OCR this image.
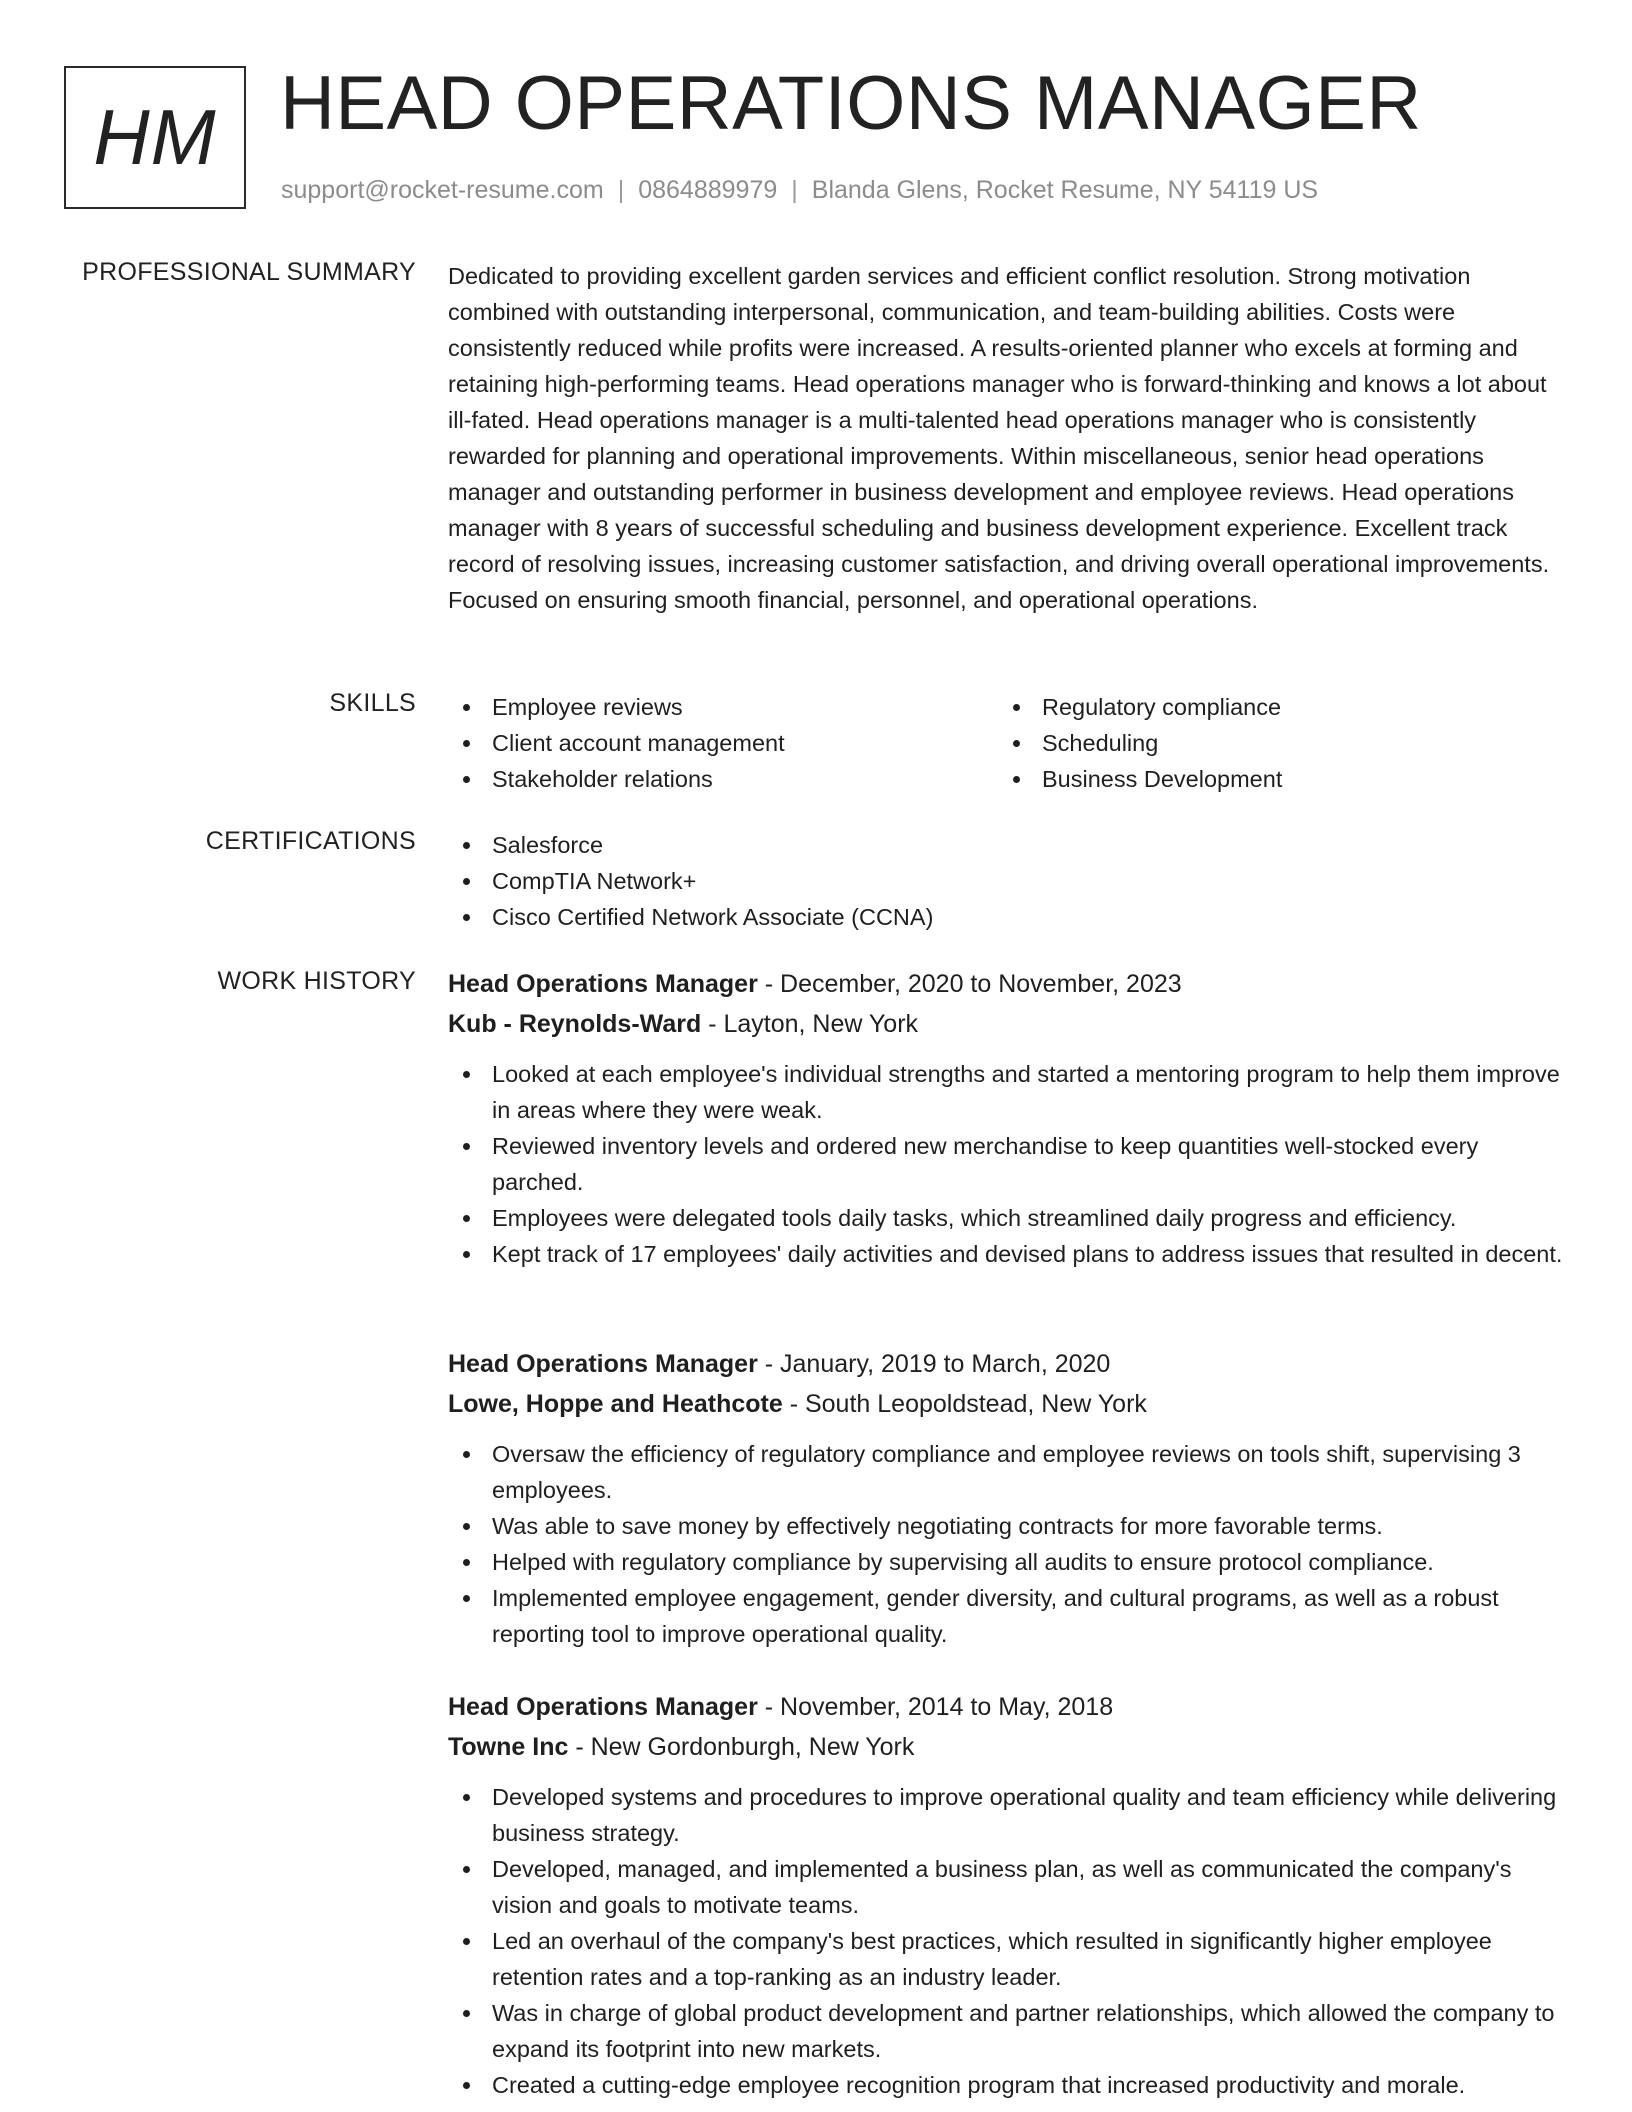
HM HEAD OPERATIONS MANAGER
support@rocket-resume.com | 0864889979 | Blanda Glens, Rocket Resume, NY 54119 US
PROFESSIONAL SUMMARY Dedicated to providing excellent garden services and efficient conflict resolution. Strong motivation combined with outstanding interpersonal, communication, and team-building abilities. Costs were consistently reduced while profits were increased. A results-oriented planner who excels at forming and retaining high-performing teams. Head operations manager who is forward-thinking and knows a lot about ill-fated. Head operations manager is a multi-talented head operations manager who is consistently rewarded for planning and operational improvements. Within miscellaneous, senior head operations manager and outstanding performer in business development and employee reviews. Head operations manager with 8 years of successful scheduling and business development experience. Excellent track record of resolving issues, increasing customer satisfaction, and driving overall operational improvements. Focused on ensuring smooth financial, personnel, and operational operations.
SKILLS	Employee reviews
Client account management
Stakeholder relations
Regulatory compliance
Scheduling
Business Development
CERTIFICATIONS	Salesforce
CompTIA Network+
Cisco Certified Network Associate (CCNA)
WORK HISTORY Head Operations Manager - December, 2020 to November, 2023
Kub - Reynolds-Ward - Layton, New York
Looked at each employee's individual strengths and started a mentoring program to help them improve in areas where they were weak.
Reviewed inventory levels and ordered new merchandise to keep quantities well-stocked every parched.
Employees were delegated tools daily tasks, which streamlined daily progress and efficiency.
Kept track of 17 employees' daily activities and devised plans to address issues that resulted in decent.
Head Operations Manager - January, 2019 to March, 2020
Lowe, Hoppe and Heathcote - South Leopoldstead, New York
Oversaw the efficiency of regulatory compliance and employee reviews on tools shift, supervising 3 employees.
Was able to save money by effectively negotiating contracts for more favorable terms.
Helped with regulatory compliance by supervising all audits to ensure protocol compliance.
Implemented employee engagement, gender diversity, and cultural programs, as well as a robust reporting tool to improve operational quality.
Head Operations Manager - November, 2014 to May, 2018
Towne Inc - New Gordonburgh, New York
Developed systems and procedures to improve operational quality and team efficiency while delivering business strategy.
Developed, managed, and implemented a business plan, as well as communicated the company's vision and goals to motivate teams.
Led an overhaul of the company's best practices, which resulted in significantly higher employee retention rates and a top-ranking as an industry leader.
Was in charge of global product development and partner relationships, which allowed the company to expand its footprint into new markets.
Created a cutting-edge employee recognition program that increased productivity and morale.
